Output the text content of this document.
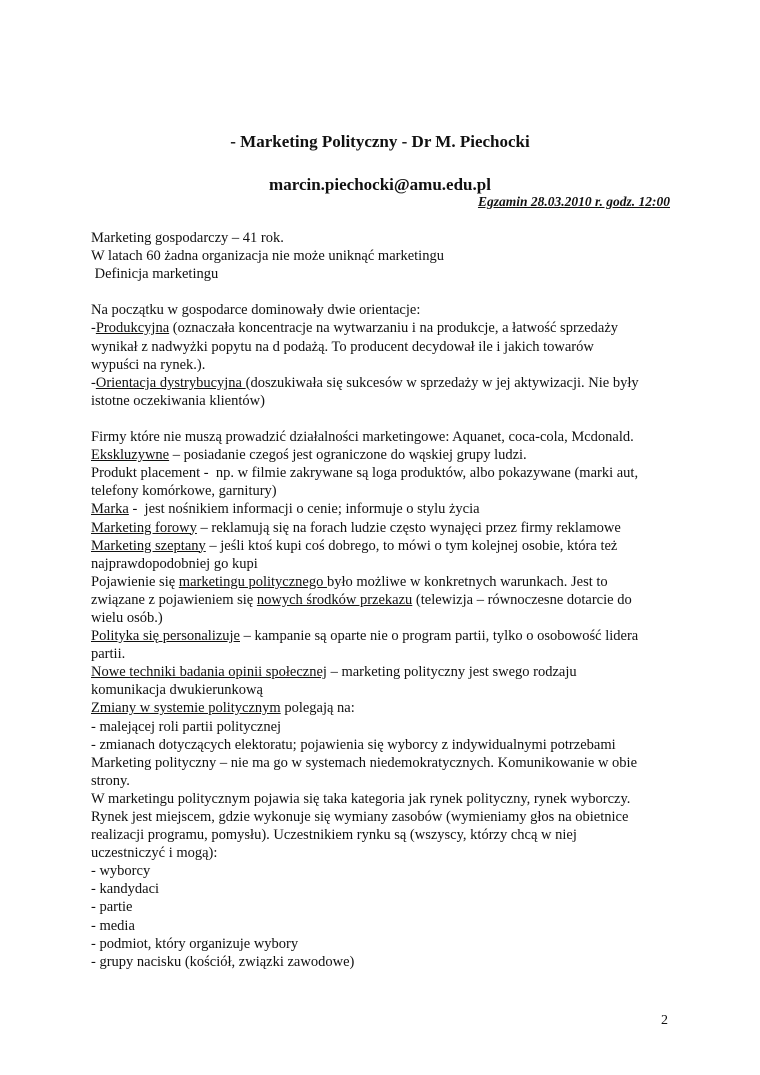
- Marketing Polityczny - Dr M. Piechocki
marcin.piechocki@amu.edu.pl
Egzamin 28.03.2010 r. godz. 12:00

Marketing gospodarczy – 41 rok.

W latach 60 żadna organizacja nie może uniknąć marketingu

Definicja marketingu

Na początku w gospodarce dominowały dwie orientacje:

-Produkcyjna (oznaczała koncentracje na wytwarzaniu i na produkcje, a łatwość sprzedaży

wynikał z nadwyżki popytu na d podażą. To producent decydował ile i jakich towarów

wypuści na rynek.).

-Orientacja dystrybucyjna (doszukiwała się sukcesów w sprzedaży w jej aktywizacji. Nie były

istotne oczekiwania klientów)

Firmy które nie muszą prowadzić działalności marketingowe: Aquanet, coca-cola, Mcdonald.

Ekskluzywne – posiadanie czegoś jest ograniczone do wąskiej grupy ludzi.

Produkt placement -  np. w filmie zakrywane są loga produktów, albo pokazywane (marki aut,

telefony komórkowe, garnitury)

Marka -  jest nośnikiem informacji o cenie; informuje o stylu życia

Marketing forowy – reklamują się na forach ludzie często wynajęci przez firmy reklamowe

Marketing szeptany – jeśli ktoś kupi coś dobrego, to mówi o tym kolejnej osobie, która też

najprawdopodobniej go kupi

Pojawienie się marketingu politycznego było możliwe w konkretnych warunkach. Jest to

związane z pojawieniem się nowych środków przekazu (telewizja – równoczesne dotarcie do

wielu osób.)

Polityka się personalizuje – kampanie są oparte nie o program partii, tylko o osobowość lidera

partii.

Nowe techniki badania opinii społecznej – marketing polityczny jest swego rodzaju

komunikacja dwukierunkową

Zmiany w systemie politycznym polegają na:

- malejącej roli partii politycznej

- zmianach dotyczących elektoratu; pojawienia się wyborcy z indywidualnymi potrzebami

Marketing polityczny – nie ma go w systemach niedemokratycznych. Komunikowanie w obie

strony.

W marketingu politycznym pojawia się taka kategoria jak rynek polityczny, rynek wyborczy.

Rynek jest miejscem, gdzie wykonuje się wymiany zasobów (wymieniamy głos na obietnice

realizacji programu, pomysłu). Uczestnikiem rynku są (wszyscy, którzy chcą w niej

uczestniczyć i mogą):

- wyborcy

- kandydaci

- partie

- media

- podmiot, który organizuje wybory

- grupy nacisku (kościół, związki zawodowe)

2
